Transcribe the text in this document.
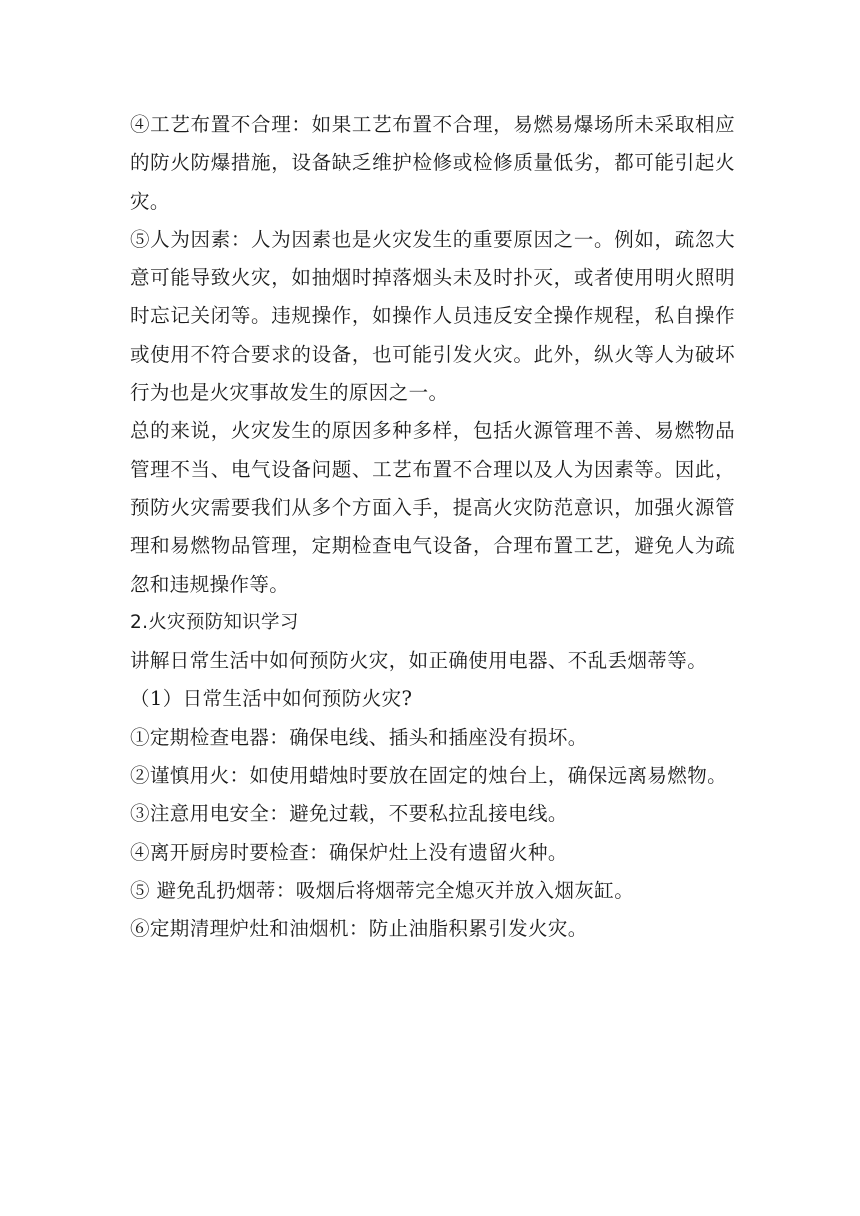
④工艺布置不合理：如果工艺布置不合理，易燃易爆场所未采取相应的防火防爆措施，设备缺乏维护检修或检修质量低劣，都可能引起火灾。

⑤人为因素：人为因素也是火灾发生的重要原因之一。例如，疏忽大意可能导致火灾，如抽烟时掉落烟头未及时扑灭，或者使用明火照明时忘记关闭等。违规操作，如操作人员违反安全操作规程，私自操作或使用不符合要求的设备，也可能引发火灾。此外，纵火等人为破坏行为也是火灾事故发生的原因之一。

总的来说，火灾发生的原因多种多样，包括火源管理不善、易燃物品管理不当、电气设备问题、工艺布置不合理以及人为因素等。因此，预防火灾需要我们从多个方面入手，提高火灾防范意识，加强火源管理和易燃物品管理，定期检查电气设备，合理布置工艺，避免人为疏忽和违规操作等。

2.火灾预防知识学习

讲解日常生活中如何预防火灾，如正确使用电器、不乱丢烟蒂等。

（1）日常生活中如何预防火灾?

①定期检查电器：确保电线、插头和插座没有损坏。

②谨慎用火：如使用蜡烛时要放在固定的烛台上，确保远离易燃物。

③注意用电安全：避免过载，不要私拉乱接电线。

④离开厨房时要检查：确保炉灶上没有遗留火种。

⑤ 避免乱扔烟蒂：吸烟后将烟蒂完全熄灭并放入烟灰缸。

⑥定期清理炉灶和油烟机：防止油脂积累引发火灾。
